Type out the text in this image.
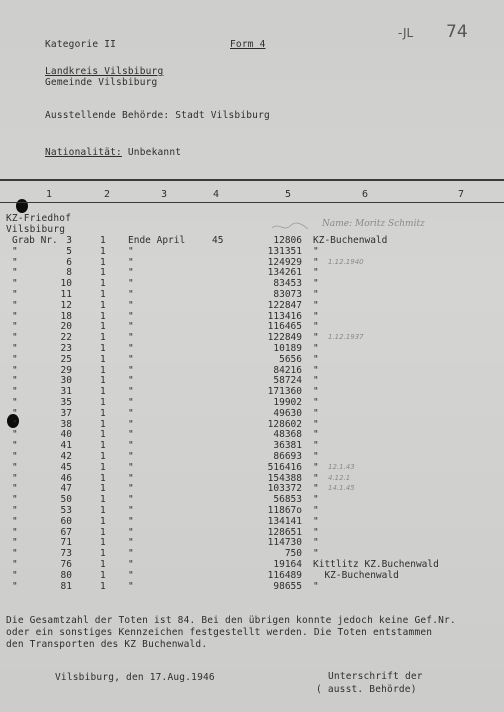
-JL 74
Kategorie II	Form 4
Landkreis Vilsbiburg
Gemeinde Vilsbiburg
Ausstellende Behörde: Stadt Vilsbiburg
Nationalität: Unbekannt
1	2	3	4	5	6	7
KZ-Friedhof
Vilsbiburg	Name: Moritz Schmitz
Grab Nr. 3	1 Ende April	45	12806 KZ-Buchenwald
"	5	1 "	131351 "
"	6	1 "	124929 " 1.12.1940
"	8	1 "	134261 "
"	10	1 "	83453 "
"	11	1 "	83073 "
"	12	1 "	122847 "
"	18	1 "	113416 "
"	20	1 "	116465 "
"	22	1 "	122849 " 1.12.1937
"	23	1 "	10189 "
"	25	1 "	5656 "
"	29	1 "	84216 "
"	30	1 "	58724 "
"	31	1 "	171360 "
"	35	1 "	19902 "
"	37	1 "	49630 "
"	38	1 "	128602 "
"	40	1 "	48368 "
"	41	1 "	36381 "
"	42	1 "	86693 "
"	45	1 "	516416 " 12.1.43
"	46	1 "	154388 " 4.12.1
"	47	1 "	103372 " 14.1.45
"	50	1 "	56853 "
"	53	1 "	11867o "
"	60	1 "	134141 "
"	67	1 "	128651 "
"	71	1 "	114730 "
"	73	1 "	750 "
"	76	1 "	19164 Kittlitz KZ.Buchenwald
"	80	1 "	116489 KZ-Buchenwald
"	81	1 "	98655 "
Die Gesamtzahl der Toten ist 84. Bei den übrigen konnte jedoch keine Gef.Nr.
oder ein sonstiges Kennzeichen festgestellt werden. Die Toten entstammen
den Transporten des KZ Buchenwald.
Vilsbiburg, den 17.Aug.1946	Unterschrift der
( ausst. Behörde)
